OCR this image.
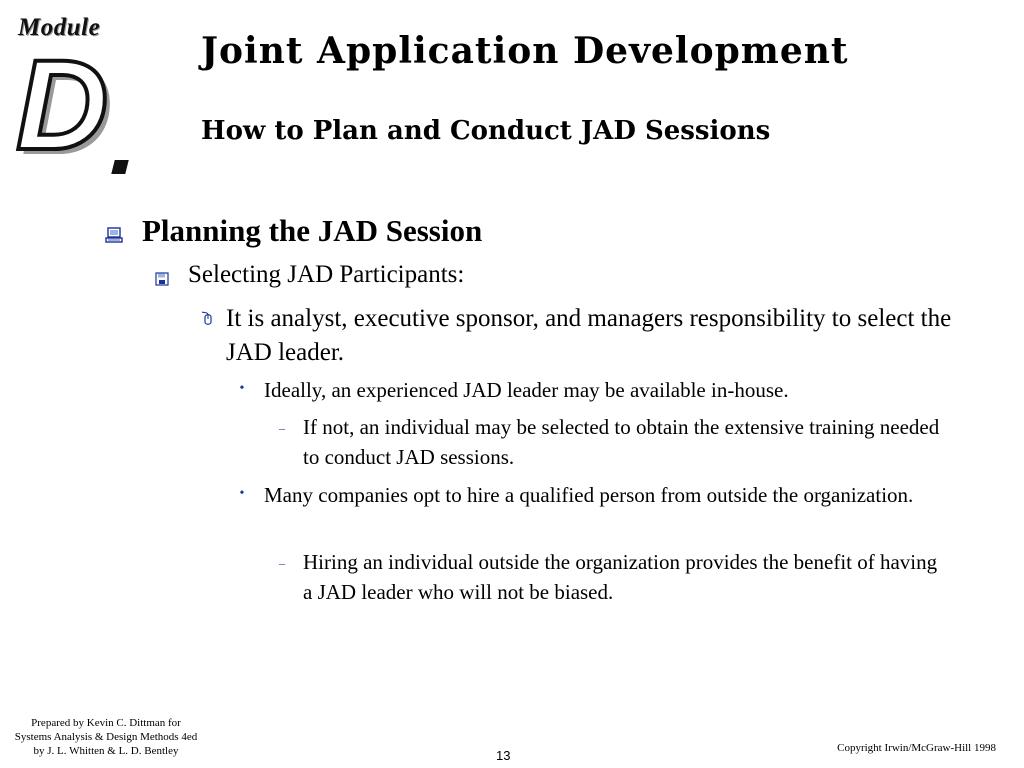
Module
D	Joint Application Development
How to Plan and Conduct JAD Sessions
Planning the JAD Session
Selecting JAD Participants:
It is analyst, executive sponsor, and managers responsibility to select the JAD leader.
• Ideally, an experienced JAD leader may be available in-house.
– If not, an individual may be selected to obtain the extensive training needed to conduct JAD sessions.
• Many companies opt to hire a qualified person from outside the organization.
– Hiring an individual outside the organization provides the benefit of having a JAD leader who will not be biased.
Prepared by Kevin C. Dittman for
Systems Analysis & Design Methods 4ed
by J. L. Whitten & L. D. Bentley	13	Copyright Irwin/McGraw-Hill 1998
